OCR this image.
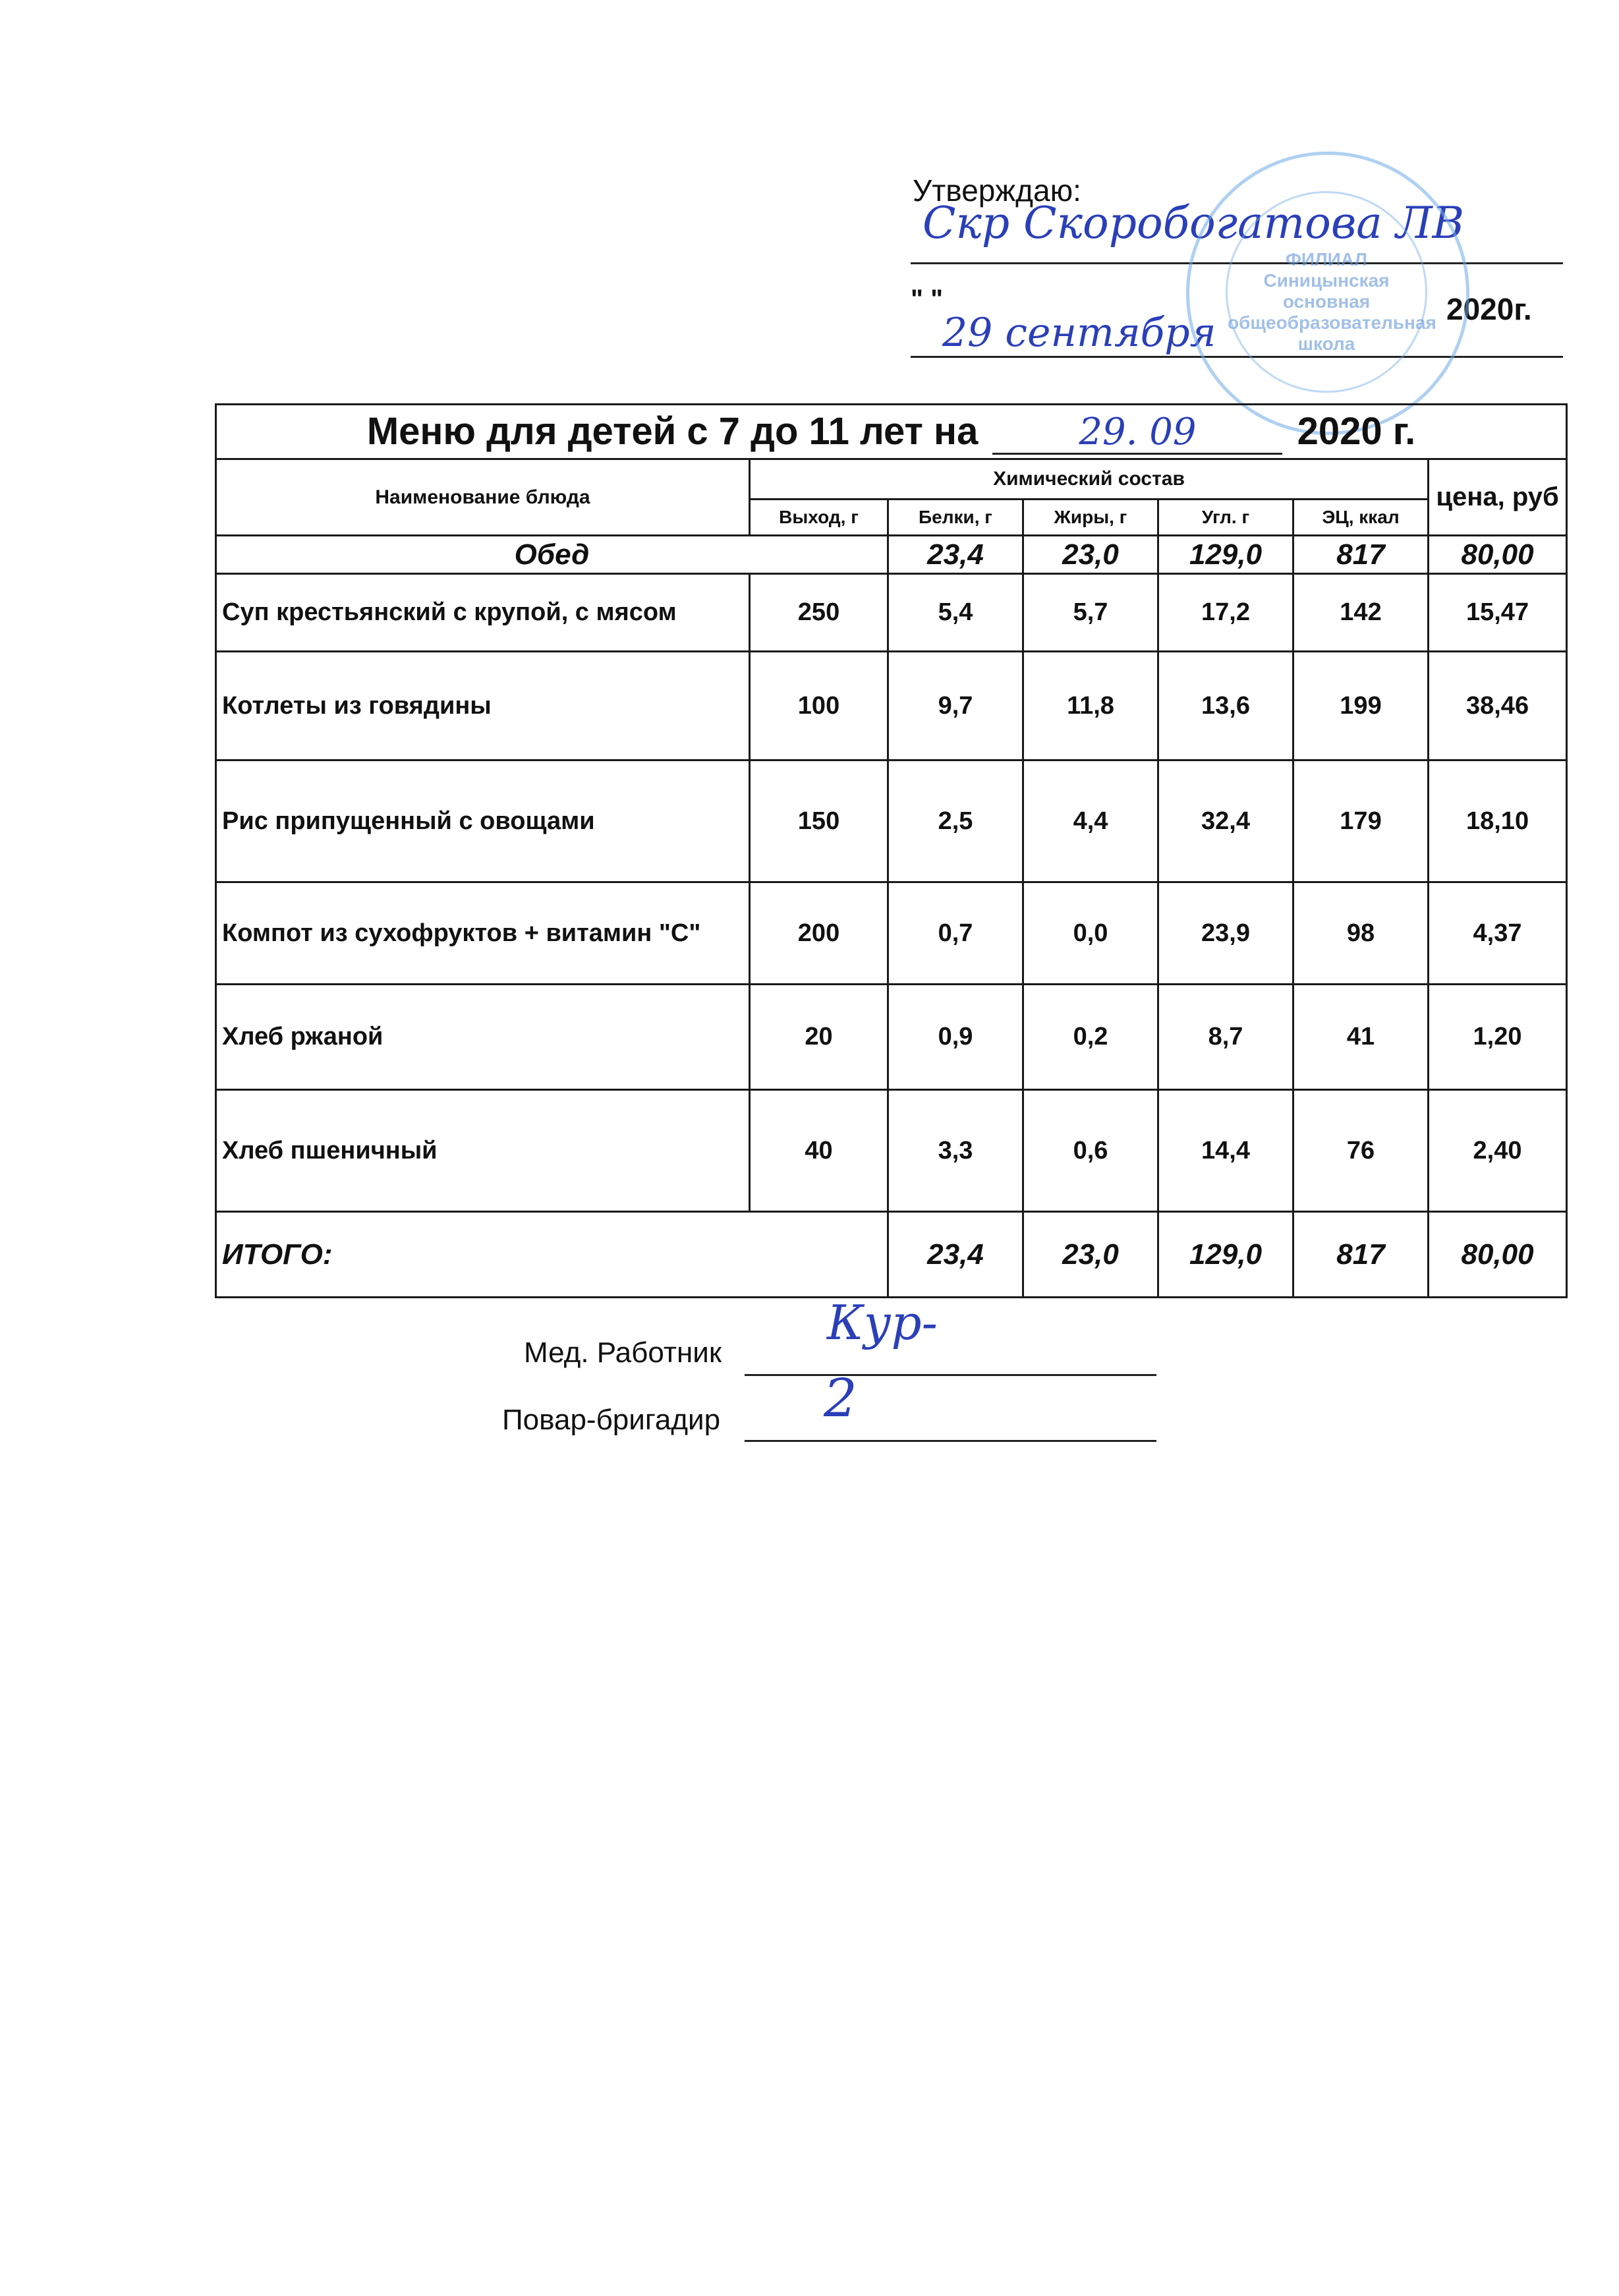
Утверждаю:
Скр Скоробогатова ЛВ
" "
29 сентября
2020г.
ФИЛИАЛ
Синицынская
основная
общеобразовательная
школа
Меню для детей с 7 до 11 лет на 29. 09 2020 г.						
Наименование блюда	Химический состав					цена, руб
	Выход, г	Белки, г	Жиры, г	Угл. г	ЭЦ, ккал	
Обед		23,4	23,0	129,0	817	80,00
Суп крестьянский с крупой, с мясом	250	5,4	5,7	17,2	142	15,47
Котлеты из говядины	100	9,7	11,8	13,6	199	38,46
Рис припущенный с овощами	150	2,5	4,4	32,4	179	18,10
Компот из сухофруктов + витамин "С"	200	0,7	0,0	23,9	98	4,37
Хлеб ржаной	20	0,9	0,2	8,7	41	1,20
Хлеб пшеничный	40	3,3	0,6	14,4	76	2,40
ИТОГО:		23,4	23,0	129,0	817	80,00
Мед. Работник
Кур-
Повар-бригадир 2
